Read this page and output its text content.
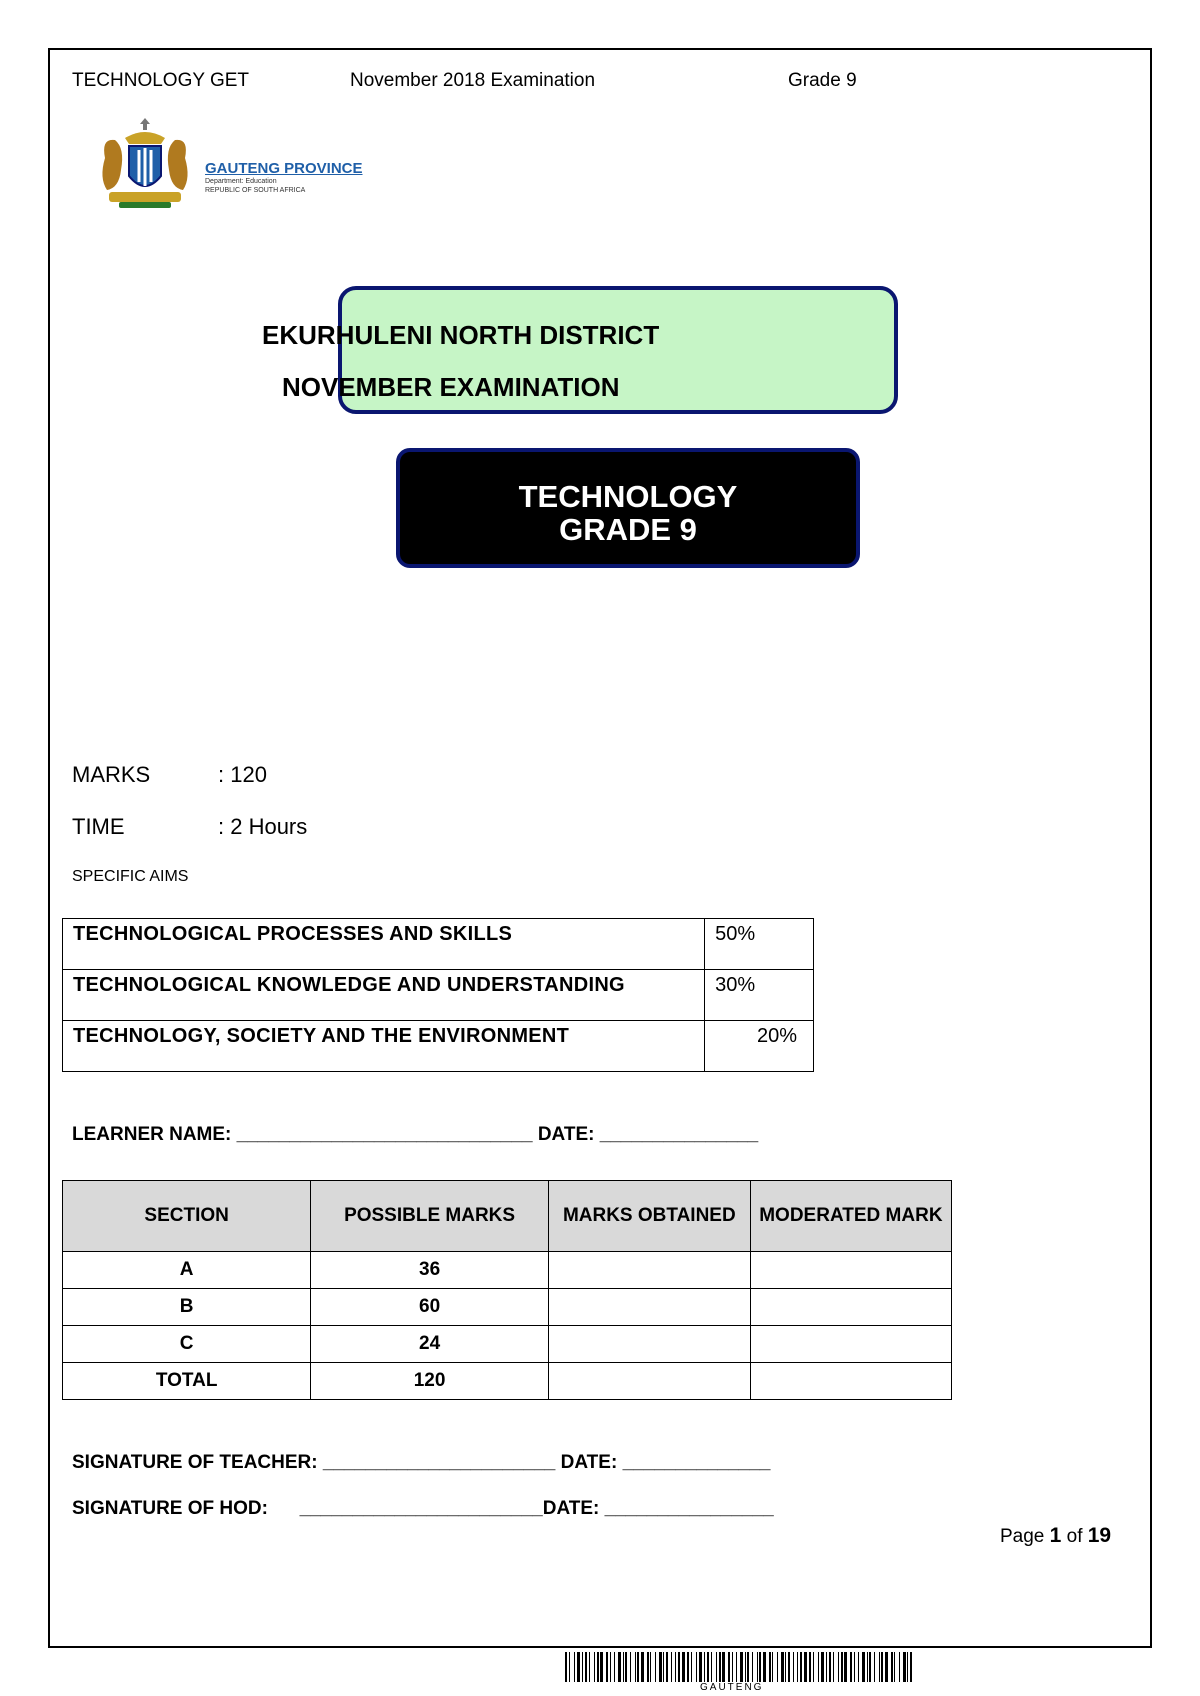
TECHNOLOGY GET	November 2018 Examination	Grade 9
GAUTENG PROVINCE
Department: Education
REPUBLIC OF SOUTH AFRICA
EKURHULENI NORTH DISTRICT
NOVEMBER EXAMINATION
TECHNOLOGY
GRADE 9
MARKS	: 120
TIME	: 2 Hours
SPECIFIC AIMS
TECHNOLOGICAL PROCESSES AND SKILLS	50%
TECHNOLOGICAL KNOWLEDGE AND UNDERSTANDING	30%
TECHNOLOGY, SOCIETY AND THE ENVIRONMENT	20%
LEARNER NAME: ____________________________ DATE: _______________
SECTION	POSSIBLE MARKS	MARKS OBTAINED	MODERATED MARK
A	36		
B	60		
C	24		
TOTAL	120		
SIGNATURE OF TEACHER: ______________________ DATE: ______________
SIGNATURE OF HOD: _______________________DATE: ________________
Page 1 of 19
GAUTENG
